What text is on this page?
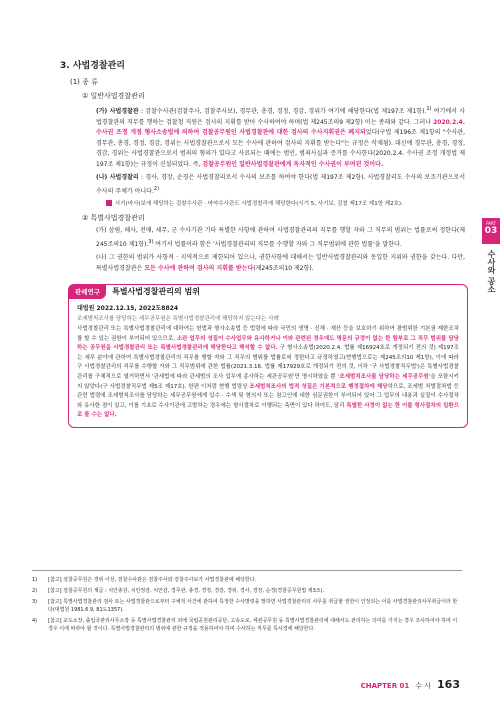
3. 사법경찰관리
(1) 종 류
① 일반사법경찰관리

(가) 사법경찰관 : 검찰수사관(검찰주사, 검찰주사보), 경무관, 총경, 경정, 경감, 경위가 여기에 해당한다(법 제197조 제1항).$^{1)}$ 여기에서 사법경찰관의 직무를 행하는 검찰청 직원은 검사의 지휘를 받아 수사하여야 하며(법 제245조의9 제2항) 이는 종래와 같다. 그러나 2020.2.4. 수사권 조정 개정 형사소송법에 의하여 검찰공무원인 사법경찰관에 대한 검사의 수사지휘권은 폐지되었다(구법 제196조 제1항의 "수사관, 경무관, 총경, 경정, 경감, 경위는 사법경찰관으로서 모든 수사에 관하여 검사의 지휘를 받는다"는 규정은 삭제됨). 대신에 경무관, 총경, 경정, 경감, 경위는 사법경찰관으로서 범죄의 혐의가 있다고 사료되는 때에는 범인, 범죄사실과 증거를 수사한다(2020.2.4. 수사권 조정 개정법 제197조 제1항)는 규정이 신설되었다. 즉, 검찰공무원인 일반사법경찰관에게 독자적인 수사권이 부여된 것이다.

(나) 사법경찰리 : 경사, 경장, 순경은 사법경찰리로서 수사의 보조를 하여야 한다(법 제197조 제2항). 사법경찰리도 수사의 보조기관으로서 수사의 주체가 아니다.$^{2)}$

사기(마사)보에 해당하는 검찰수사관 · 마약수사관도 사법경찰리에 해당한다(시기 5, 사기보, 검찰 제17조 제1항 제2호).

② 특별사법경찰관리

(가) 삼림, 해사, 전매, 세무, 군 수사기관 기타 특별한 사항에 관하여 사법경찰관리의 직무를 행할 자와 그 직무의 범위는 법률로써 정한다(제245조의10 제1항).$^{3)}$ 여기서 법률이라 함은 '사법경찰관리의 직무를 수행할 자와 그 직무범위에 관한 법률'을 말한다.

(나) 그 권한의 범위가 사항적 · 지역적으로 제한되어 있으나, 권한사항에 대해서는 일반사법경찰관리와 동일한 지위와 권한을 갖는다. 다만, 특별사법경찰관은 모든 수사에 관하여 검사의 지휘를 받는다(제245조의10 제2항).

판례연구	특별사법경찰관리의 범위
대법원 2022.12.15, 2022도8824
조세범칙조사를 담당하는 세무공무원은 특별사법경찰관리에 해당하지 않는다는 사례

사법경찰관리 또는 특별사법경찰관리에 대하여는 헌법과 형사소송법 등 법령에 따라 국민의 생명 · 신체 · 재산 등을 보호하기 위하여 광범위한 기본권 제한조치를 할 수 있는 권한이 부여되어 있으므로, 소관 업무의 성질이 수사업무와 유사하거나 이와 관련된 경우에도 명문의 규정이 없는 한 함부로 그 직무 범위를 담당하는 공무원을 사법경찰관리 또는 특별사법경찰관리에 해당한다고 해석할 수 없다. 구 형사소송법(2020.2.4. 법률 제16924호로 개정되기 전의 것) 제197조는 세무 분야에 관하여 특별사법경찰관리의 직무를 행할 자와 그 직무의 범위를 법률로써 정한다고 규정하였고(현행법으로는 제245조의10 제1항), 이에 따라 구 사법경찰관리의 직무를 수행할 자와 그 직무범위에 관한 법률(2021.3.16. 법률 제17929호로 개정되기 전의 것, 이하 '구 사법경찰직무법')은 특별사법경찰관리를 구체적으로 열거하면서 '관세법에 따라 관세범의 조사 업무에 종사하는 세관공무원'만 명시하였을 뿐 '조세범칙조사를 담당하는 세무공무원'을 포함시키지 않았다(구 사법경찰직무법 제5조 제17호). 한편 이처럼 현행 법령상 조세범칙조사의 법적 성질은 기본적으로 행정절차에 해당하므로, 조세범 처벌절차법 등 관련 법령에 조세범칙조사를 담당하는 세무공무원에게 압수 · 수색 및 혐의자 또는 참고인에 대한 심문권한이 부여되어 있어 그 업무의 내용과 실질이 수사절차와 유사한 점이 있고, 이를 기초로 수사기관에 고발하는 경우에는 형사절차로 이행되는 측면이 있다 하여도, 달리 특별한 사정이 없는 한 이를 형사절차의 일환으로 볼 수는 없다.

1)	[참고] 검찰공무원은 경위 이상, 검찰수사관은 검찰주사와 검찰주사보가 사법경찰관에 해당한다.
2)	[참고] 검찰공무원의 계급 : 치안총감, 치안정감, 치안감, 경무관, 총경, 경정, 경감, 경위, 경사, 경장, 순경(경찰공무원법 제3조).
3)	[참고] 특별사법경찰관리 검사 또는 사법경찰관으로부터 구체적 사건에 관하여 특정한 수사명령을 발하면 사법경찰관리의 사무를 취급할 권한이 인정되는 이를 사법경찰관리사무취급이라 한다(대법원 1981.6.9, 81도1357).
4)	[참고] 교도소장, 출입국관리사무소장 등 특별사법경찰관리 외에 국립공원관리공단, 고속도로, 세관공무원 등 특별사법경찰관리에 대해서도 관리하는 의미를 가지는 경우 조사하여야 하며 이 경우 이에 따라야 할 것이다. 특별사법경찰관리의 범위에 관한 규정을 적용하여야 하며 수사하는 직무를 특사경에 해당한다.
PART
03
수사와 공소
CHAPTER 01 수 사 163
